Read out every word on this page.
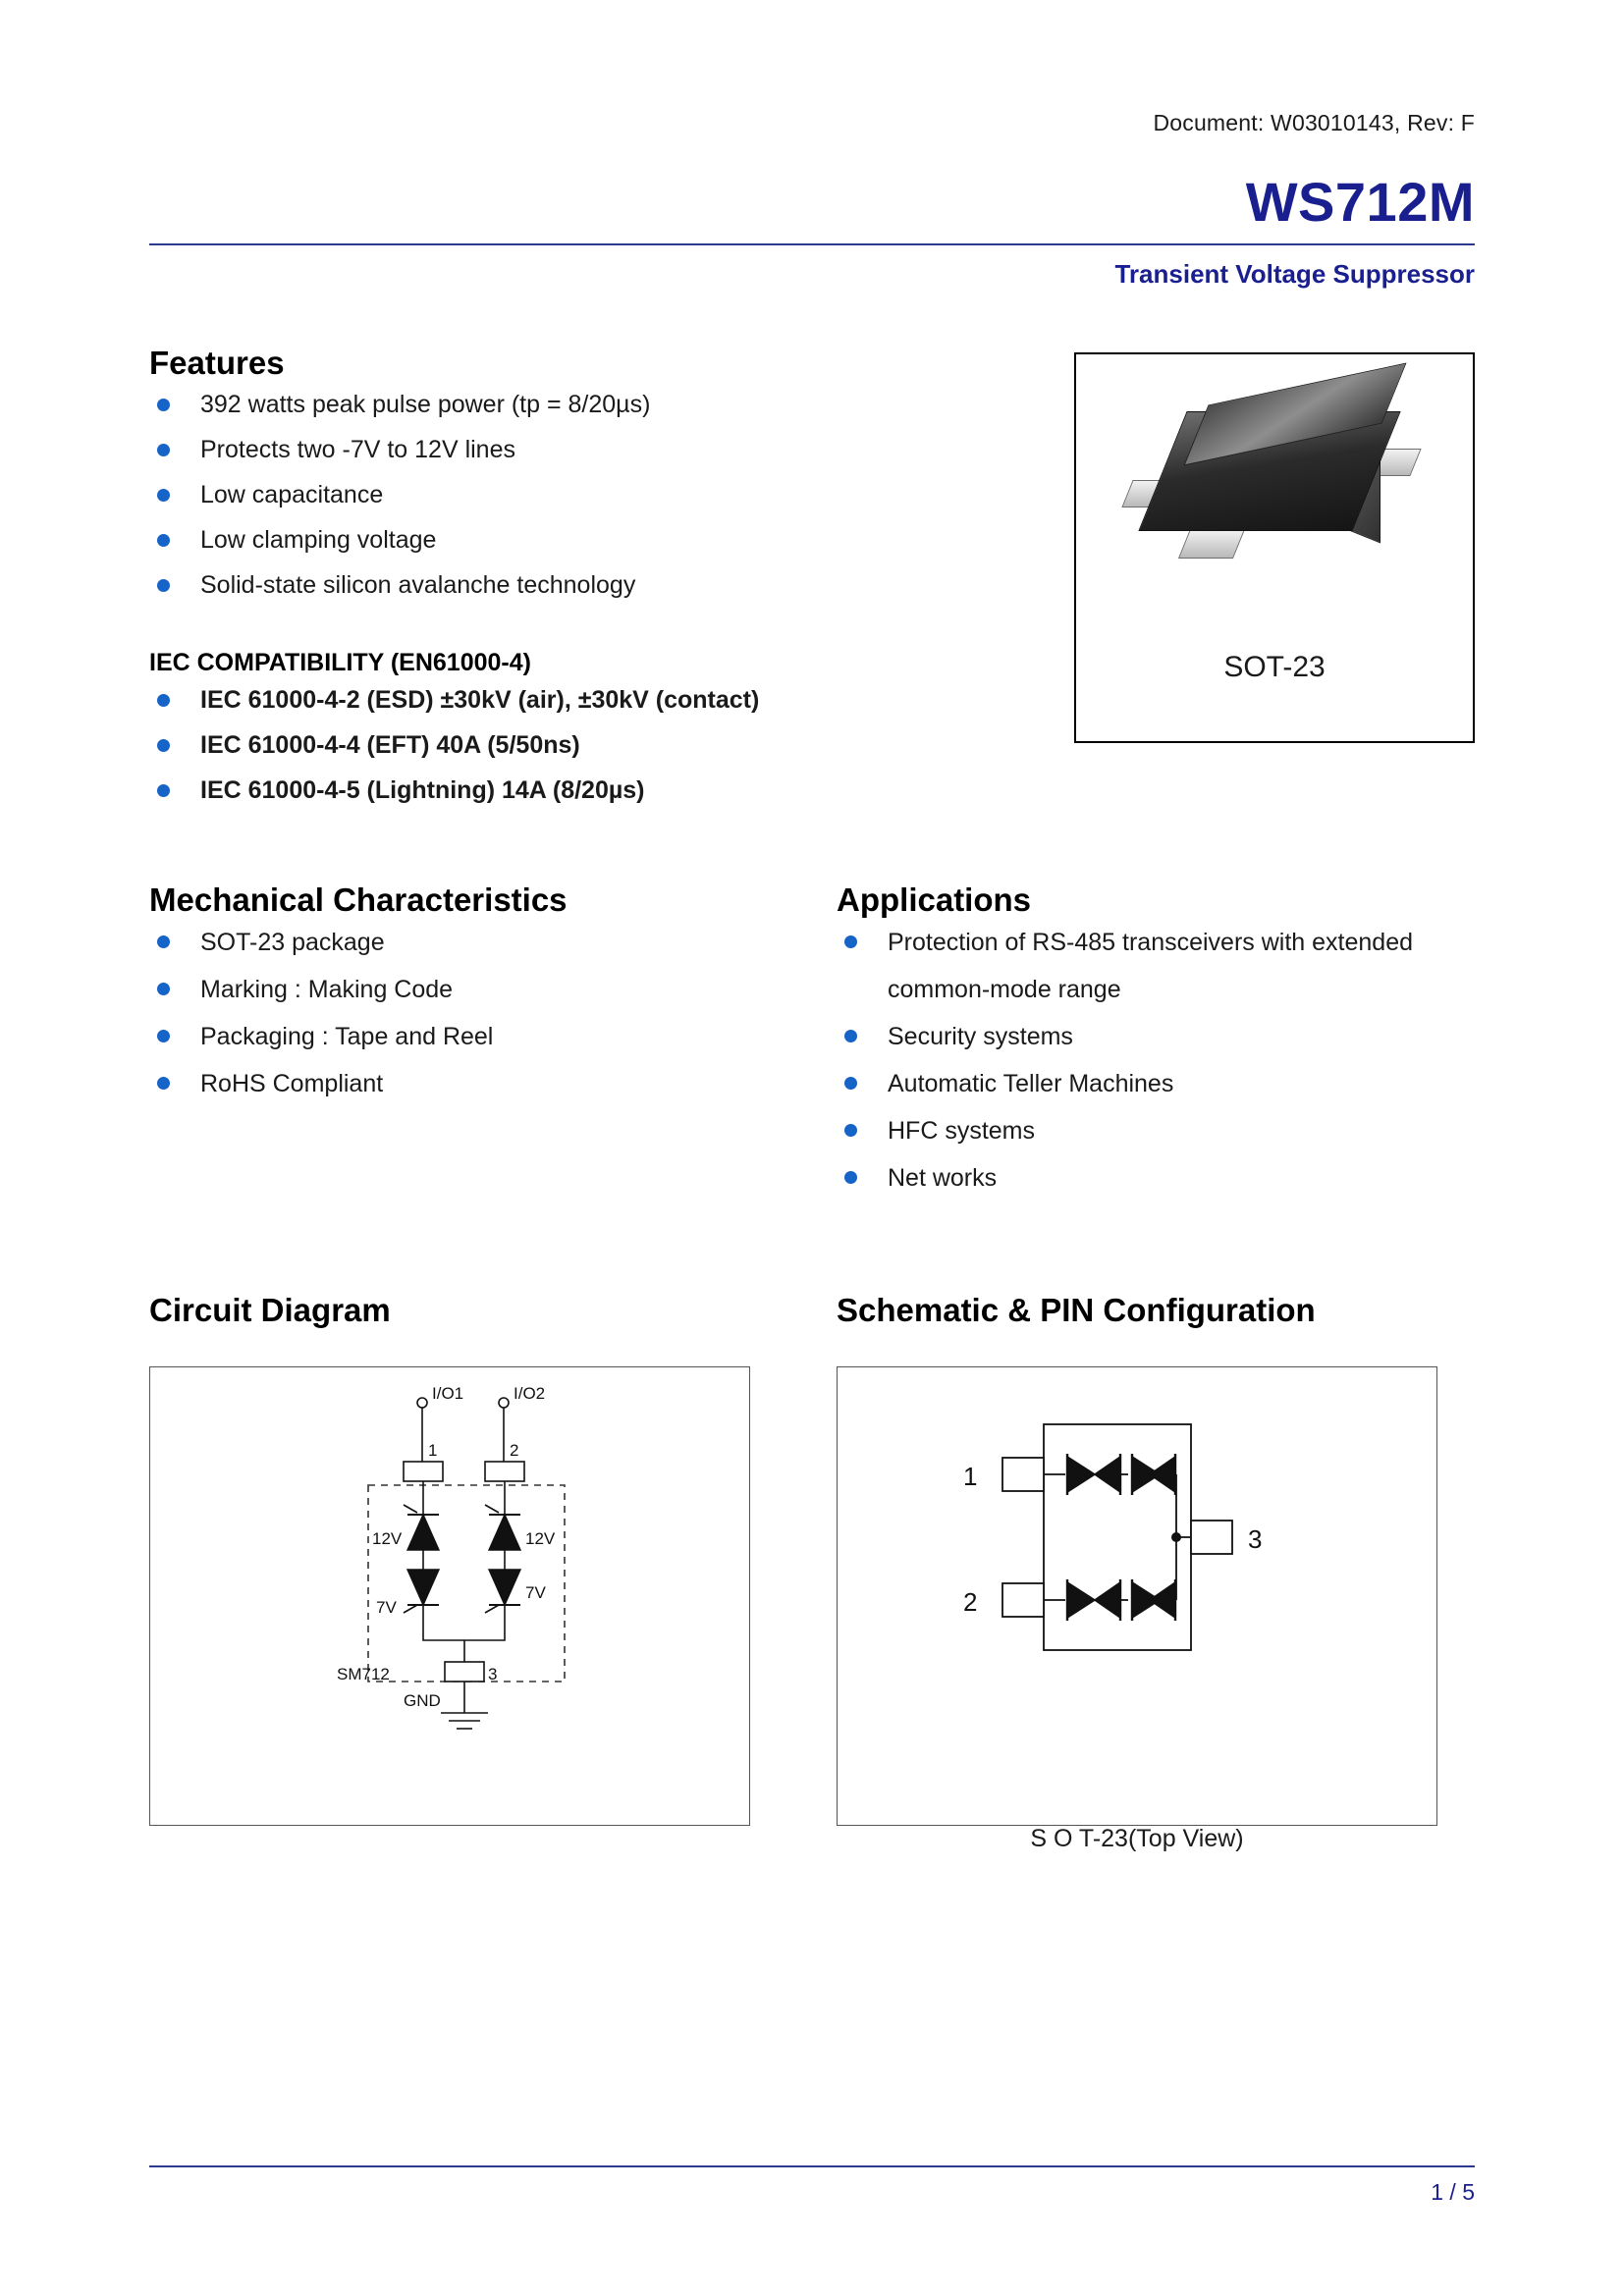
Document: W03010143, Rev: F
WS712M
Transient Voltage Suppressor
Features
392 watts peak pulse power (tp = 8/20µs)
Protects two -7V to 12V lines
Low capacitance
Low clamping voltage
Solid-state silicon avalanche technology
IEC COMPATIBILITY (EN61000-4)
IEC 61000-4-2 (ESD) ±30kV (air), ±30kV (contact)
IEC 61000-4-4 (EFT) 40A (5/50ns)
IEC 61000-4-5 (Lightning) 14A (8/20µs)
SOT-23
Mechanical Characteristics
SOT-23 package
Marking : Making Code
Packaging : Tape and Reel
RoHS Compliant
Applications
Protection of RS-485 transceivers with extended common-mode range
Security systems
Automatic Teller Machines
HFC systems
Net works
Circuit Diagram
I/O1	I/O2
1	2
12V	12V
7V
7V
SM712	3
GND
Schematic & PIN Configuration
1
2
3
S O T-23(Top View)
1 / 5
